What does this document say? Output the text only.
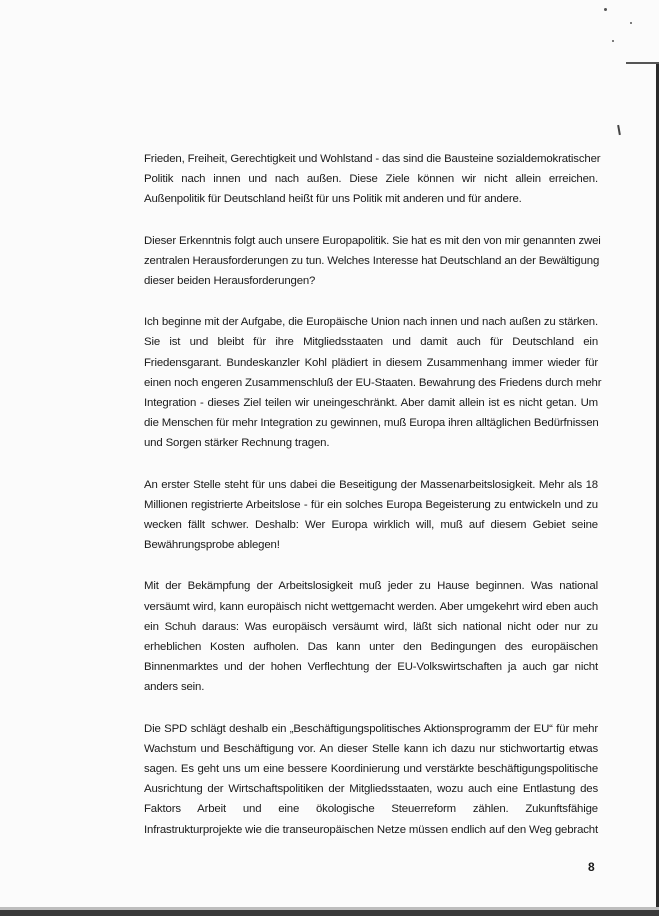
Frieden, Freiheit, Gerechtigkeit und Wohlstand - das sind die Bausteine sozialdemokratischer
Politik nach innen und nach außen. Diese Ziele können wir nicht allein erreichen.
Außenpolitik für Deutschland heißt für uns Politik mit anderen und für andere.

Dieser Erkenntnis folgt auch unsere Europapolitik. Sie hat es mit den von mir genannten zwei
zentralen Herausforderungen zu tun. Welches Interesse hat Deutschland an der Bewältigung
dieser beiden Herausforderungen?

Ich beginne mit der Aufgabe, die Europäische Union nach innen und nach außen zu stärken.
Sie ist und bleibt für ihre Mitgliedsstaaten und damit auch für Deutschland ein
Friedensgarant. Bundeskanzler Kohl plädiert in diesem Zusammenhang immer wieder für
einen noch engeren Zusammenschluß der EU-Staaten. Bewahrung des Friedens durch mehr
Integration - dieses Ziel teilen wir uneingeschränkt. Aber damit allein ist es nicht getan. Um
die Menschen für mehr Integration zu gewinnen, muß Europa ihren alltäglichen Bedürfnissen
und Sorgen stärker Rechnung tragen.

An erster Stelle steht für uns dabei die Beseitigung der Massenarbeitslosigkeit. Mehr als 18
Millionen registrierte Arbeitslose - für ein solches Europa Begeisterung zu entwickeln und zu
wecken fällt schwer. Deshalb: Wer Europa wirklich will, muß auf diesem Gebiet seine
Bewährungsprobe ablegen!

Mit der Bekämpfung der Arbeitslosigkeit muß jeder zu Hause beginnen. Was national
versäumt wird, kann europäisch nicht wettgemacht werden. Aber umgekehrt wird eben auch
ein Schuh daraus: Was europäisch versäumt wird, läßt sich national nicht oder nur zu
erheblichen Kosten aufholen. Das kann unter den Bedingungen des europäischen
Binnenmarktes und der hohen Verflechtung der EU-Volkswirtschaften ja auch gar nicht
anders sein.

Die SPD schlägt deshalb ein „Beschäftigungspolitisches Aktionsprogramm der EU“ für mehr
Wachstum und Beschäftigung vor. An dieser Stelle kann ich dazu nur stichwortartig etwas
sagen. Es geht uns um eine bessere Koordinierung und verstärkte beschäftigungspolitische
Ausrichtung der Wirtschaftspolitiken der Mitgliedsstaaten, wozu auch eine Entlastung des
Faktors Arbeit und eine ökologische Steuerreform zählen. Zukunftsfähige
Infrastrukturprojekte wie die transeuropäischen Netze müssen endlich auf den Weg gebracht

8
